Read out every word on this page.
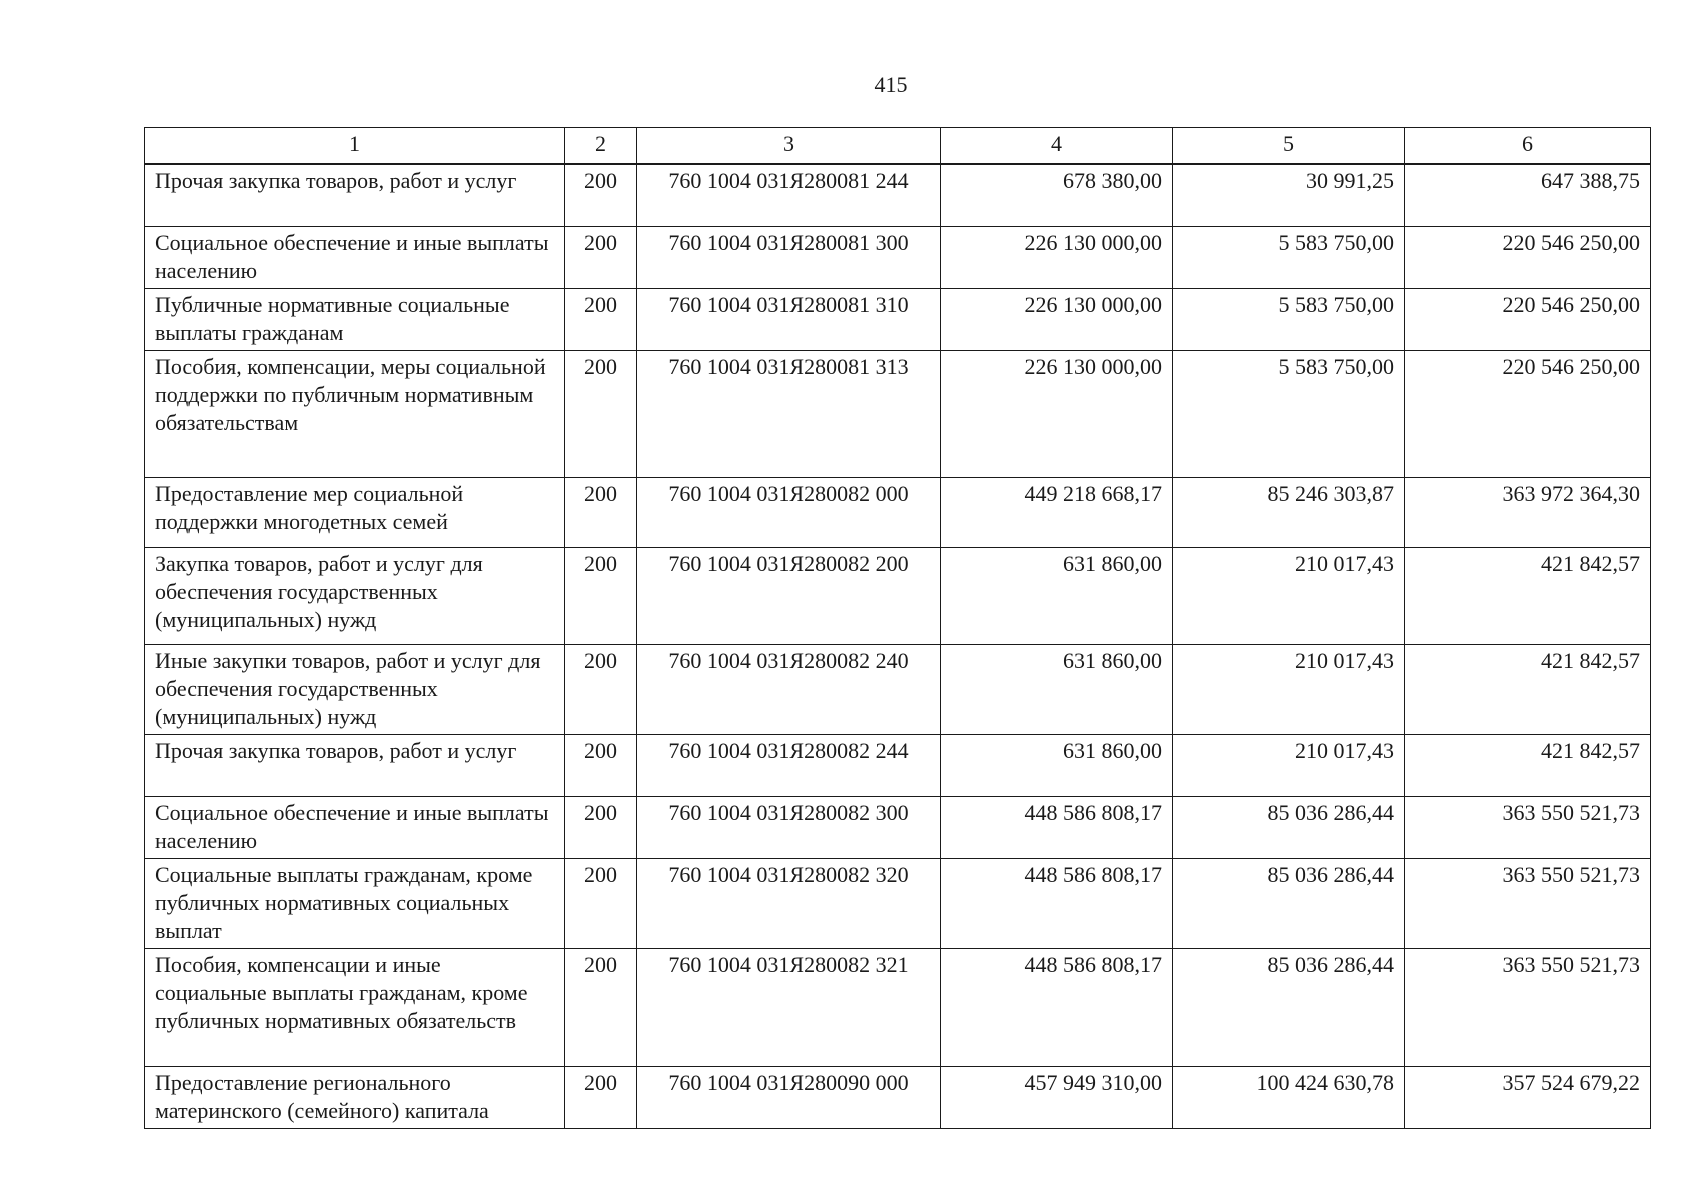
415
1	2	3	4	5	6
Прочая закупка товаров, работ и услуг	200	760 1004 031Я280081 244	678 380,00	30 991,25	647 388,75
Социальное обеспечение и иные выплаты населению	200	760 1004 031Я280081 300	226 130 000,00	5 583 750,00	220 546 250,00
Публичные нормативные социальные выплаты гражданам	200	760 1004 031Я280081 310	226 130 000,00	5 583 750,00	220 546 250,00
Пособия, компенсации, меры социальной поддержки по публичным нормативным обязательствам	200	760 1004 031Я280081 313	226 130 000,00	5 583 750,00	220 546 250,00
Предоставление мер социальной поддержки многодетных семей	200	760 1004 031Я280082 000	449 218 668,17	85 246 303,87	363 972 364,30
Закупка товаров, работ и услуг для обеспечения государственных (муниципальных) нужд	200	760 1004 031Я280082 200	631 860,00	210 017,43	421 842,57
Иные закупки товаров, работ и услуг для обеспечения государственных (муниципальных) нужд	200	760 1004 031Я280082 240	631 860,00	210 017,43	421 842,57
Прочая закупка товаров, работ и услуг	200	760 1004 031Я280082 244	631 860,00	210 017,43	421 842,57
Социальное обеспечение и иные выплаты населению	200	760 1004 031Я280082 300	448 586 808,17	85 036 286,44	363 550 521,73
Социальные выплаты гражданам, кроме публичных нормативных социальных выплат	200	760 1004 031Я280082 320	448 586 808,17	85 036 286,44	363 550 521,73
Пособия, компенсации и иные социальные выплаты гражданам, кроме публичных нормативных обязательств	200	760 1004 031Я280082 321	448 586 808,17	85 036 286,44	363 550 521,73
Предоставление регионального материнского (семейного) капитала	200	760 1004 031Я280090 000	457 949 310,00	100 424 630,78	357 524 679,22
